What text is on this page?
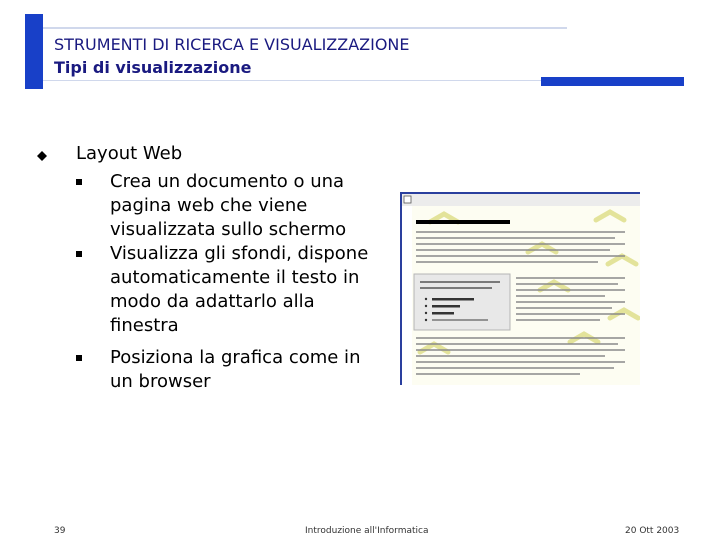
STRUMENTI DI RICERCA E VISUALIZZAZIONE
Tipi di visualizzazione
Layout Web
Crea un documento o una pagina web che viene visualizzata sullo schermo
Visualizza gli sfondi, dispone automaticamente il testo in modo da adattarlo alla finestra
Posiziona la grafica come in un browser
39	Introduzione all'Informatica	20 Ott 2003
